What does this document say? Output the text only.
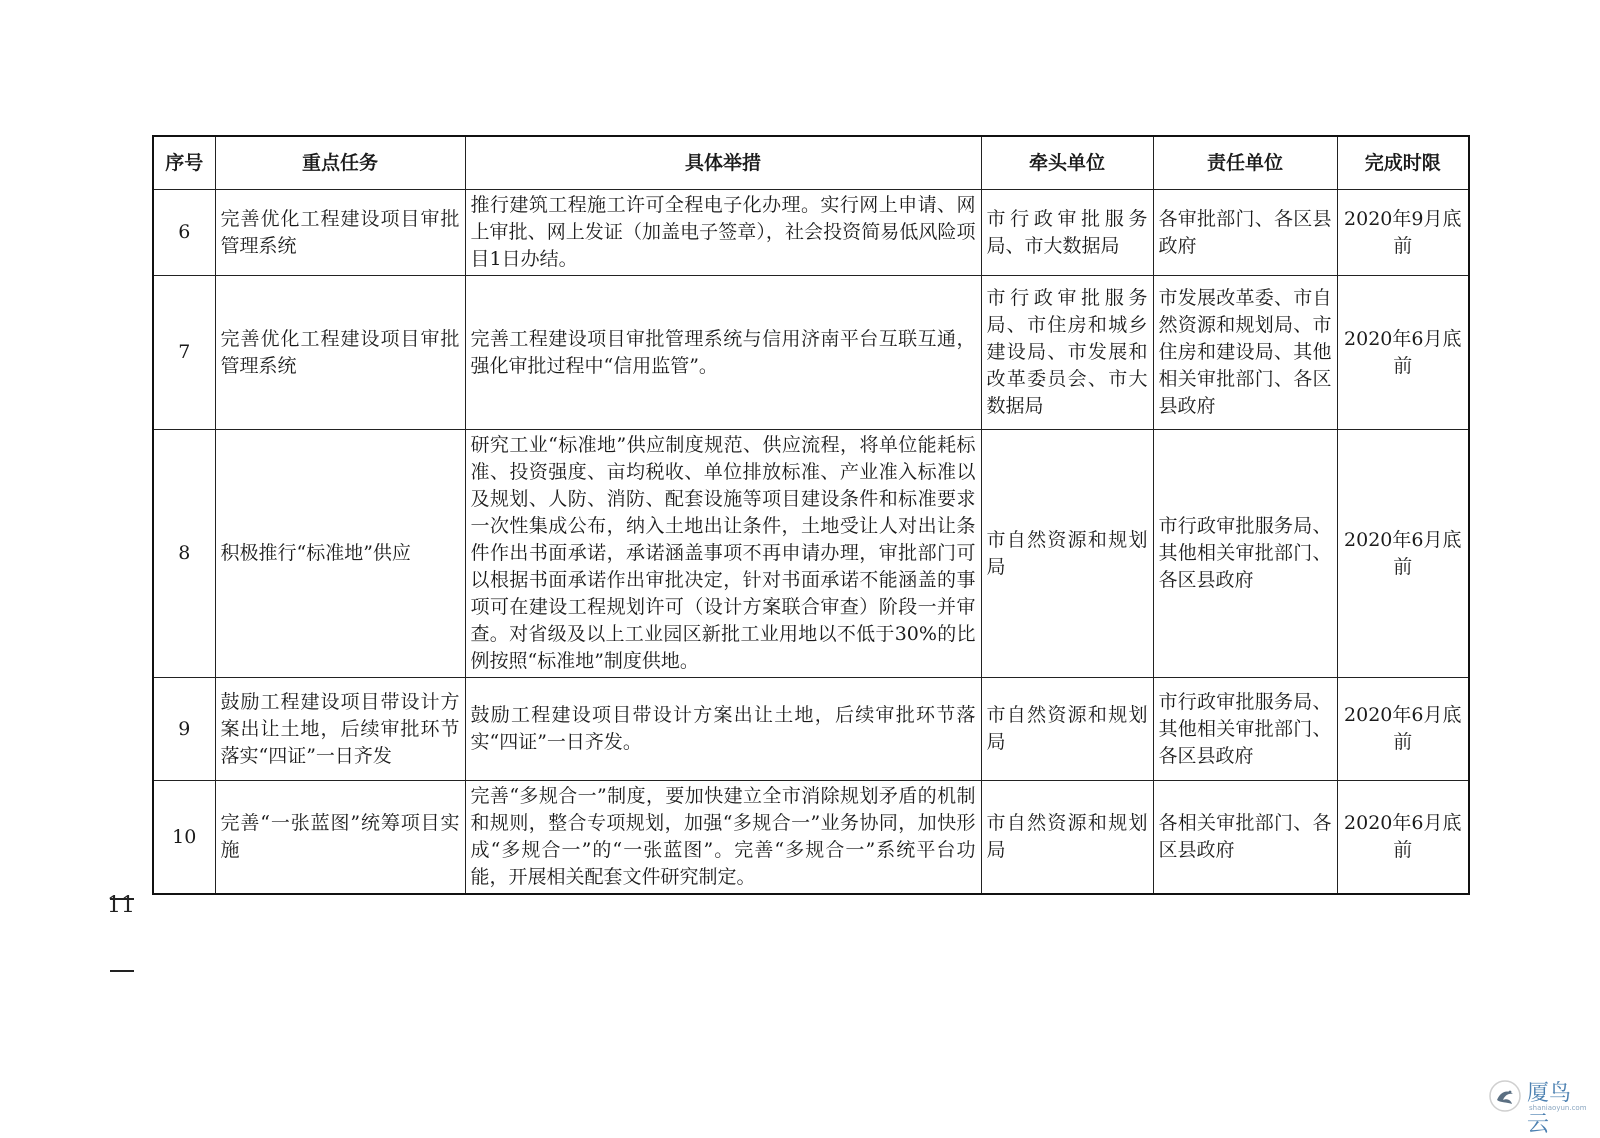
序号	重点任务	具体举措	牵头单位	责任单位	完成时限
6	完善优化工程建设项目审批管理系统	推行建筑工程施工许可全程电子化办理。实行网上申请、网上审批、网上发证（加盖电子签章），社会投资简易低风险项目1日办结。	市行政审批服务局、市大数据局	各审批部门、各区县政府	2020年9月底前
7	完善优化工程建设项目审批管理系统	完善工程建设项目审批管理系统与信用济南平台互联互通，强化审批过程中“信用监管”。	市行政审批服务局、市住房和城乡建设局、市发展和改革委员会、市大数据局	市发展改革委、市自然资源和规划局、市住房和建设局、其他相关审批部门、各区县政府	2020年6月底前
8	积极推行“标准地”供应	研究工业“标准地”供应制度规范、供应流程，将单位能耗标准、投资强度、亩均税收、单位排放标准、产业准入标准以及规划、人防、消防、配套设施等项目建设条件和标准要求一次性集成公布，纳入土地出让条件，土地受让人对出让条件作出书面承诺，承诺涵盖事项不再申请办理，审批部门可以根据书面承诺作出审批决定，针对书面承诺不能涵盖的事项可在建设工程规划许可（设计方案联合审查）阶段一并审查。对省级及以上工业园区新批工业用地以不低于30%的比例按照“标准地”制度供地。	市自然资源和规划局	市行政审批服务局、其他相关审批部门、各区县政府	2020年6月底前
9	鼓励工程建设项目带设计方案出让土地，后续审批环节落实“四证”一日齐发	鼓励工程建设项目带设计方案出让土地，后续审批环节落实“四证”一日齐发。	市自然资源和规划局	市行政审批服务局、其他相关审批部门、各区县政府	2020年6月底前
10	完善“一张蓝图”统筹项目实施	完善“多规合一”制度，要加快建立全市消除规划矛盾的机制和规则，整合专项规划，加强“多规合一”业务协同，加快形成“多规合一”的“一张蓝图”。完善“多规合一”系统平台功能，开展相关配套文件研究制定。	市自然资源和规划局	各相关审批部门、各区县政府	2020年6月底前
11
厦鸟云
shaniaoyun.com
